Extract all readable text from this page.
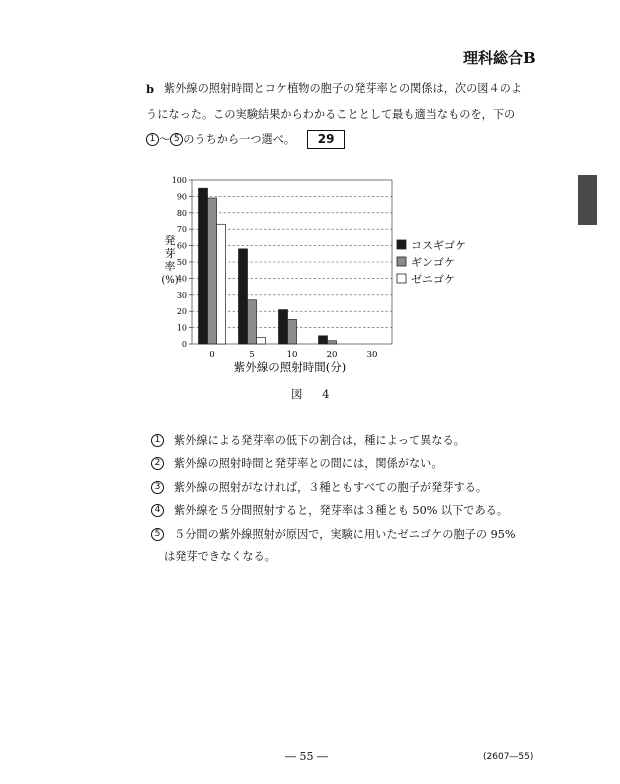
理科総合B
b 紫外線の照射時間とコケ植物の胞子の発芽率との関係は，次の図４のよ
うになった。この実験結果からわかることとして最も適当なものを，下の
1 ～ 5 のうちから一つ選べ。	29
0
10
20
30
40
50
60
70
80
90
100
0	5	10	20	30
発
芽
率
(%)
コスギゴケ
ギンゴケ
ゼニゴケ
紫外線の照射時間(分)
図 4
1	紫外線による発芽率の低下の割合は，種によって異なる。
2	紫外線の照射時間と発芽率との間には，関係がない。
3	紫外線の照射がなければ，３種ともすべての胞子が発芽する。
4	紫外線を５分間照射すると，発芽率は３種とも 50% 以下である。
5	５分間の紫外線照射が原因で，実験に用いたゼニゴケの胞子の 95%
は発芽できなくなる。
― 55 ―	(2607―55)
